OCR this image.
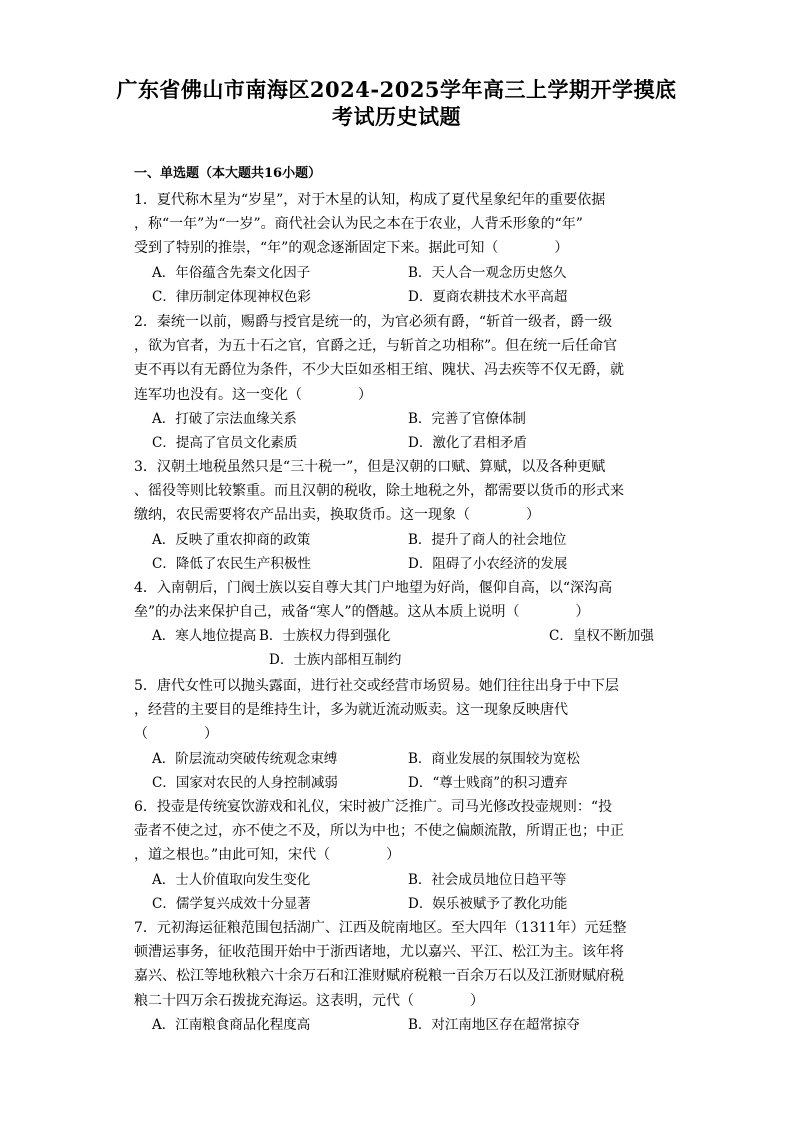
广东省佛山市南海区2024-2025学年高三上学期开学摸底
考试历史试题
一、单选题（本大题共16小题）

1．夏代称木星为“岁星”，对于木星的认知，构成了夏代星象纪年的重要依据

，称“一年”为“一岁”。商代社会认为民之本在于农业，人背禾形象的“年”

受到了特别的推崇，“年”的观念逐渐固定下来。据此可知（　　　　）

A．年俗蕴含先秦文化因子	B．天人合一观念历史悠久
C．律历制定体现神权色彩	D．夏商农耕技术水平高超

2．秦统一以前，赐爵与授官是统一的，为官必须有爵，“斩首一级者，爵一级

，欲为官者，为五十石之官，官爵之迁，与斩首之功相称”。但在统一后任命官

吏不再以有无爵位为条件，不少大臣如丞相王绾、隗状、冯去疾等不仅无爵，就

连军功也没有。这一变化（　　　　）

A．打破了宗法血缘关系	B．完善了官僚体制
C．提高了官员文化素质	D．激化了君相矛盾

3．汉朝土地税虽然只是“三十税一”，但是汉朝的口赋、算赋，以及各种更赋

、徭役等则比较繁重。而且汉朝的税收，除土地税之外，都需要以货币的形式来

缴纳，农民需要将农产品出卖，换取货币。这一现象（　　　　）

A．反映了重农抑商的政策	B．提升了商人的社会地位
C．降低了农民生产积极性	D．阻碍了小农经济的发展

4．入南朝后，门阀士族以妄自尊大其门户地望为好尚，偃仰自高，以“深沟高

垒”的办法来保护自己，戒备“寒人”的僭越。这从本质上说明（　　　　）

A．寒人地位提高 B．士族权力得到强化	C．皇权不断加强
D．士族内部相互制约

5．唐代女性可以抛头露面，进行社交或经营市场贸易。她们往往出身于中下层

，经营的主要目的是维持生计，多为就近流动贩卖。这一现象反映唐代

（　　　　）

A．阶层流动突破传统观念束缚	B．商业发展的氛围较为宽松
C．国家对农民的人身控制减弱	D．“尊士贱商”的积习遭弃

6．投壶是传统宴饮游戏和礼仪，宋时被广泛推广。司马光修改投壶规则：“投

壶者不使之过，亦不使之不及，所以为中也；不使之偏颇流散，所谓正也；中正

，道之根也。”由此可知，宋代（　　　　）

A．士人价值取向发生变化	B．社会成员地位日趋平等
C．儒学复兴成效十分显著	D．娱乐被赋予了教化功能

7．元初海运征粮范围包括湖广、江西及皖南地区。至大四年（1311年）元廷整

顿漕运事务，征收范围开始中于浙西诸地，尤以嘉兴、平江、松江为主。该年将

嘉兴、松江等地秋粮六十余万石和江淮财赋府税粮一百余万石以及江浙财赋府税

粮二十四万余石拨拢充海运。这表明，元代（　　　　）

A．江南粮食商品化程度高	B．对江南地区存在超常掠夺
